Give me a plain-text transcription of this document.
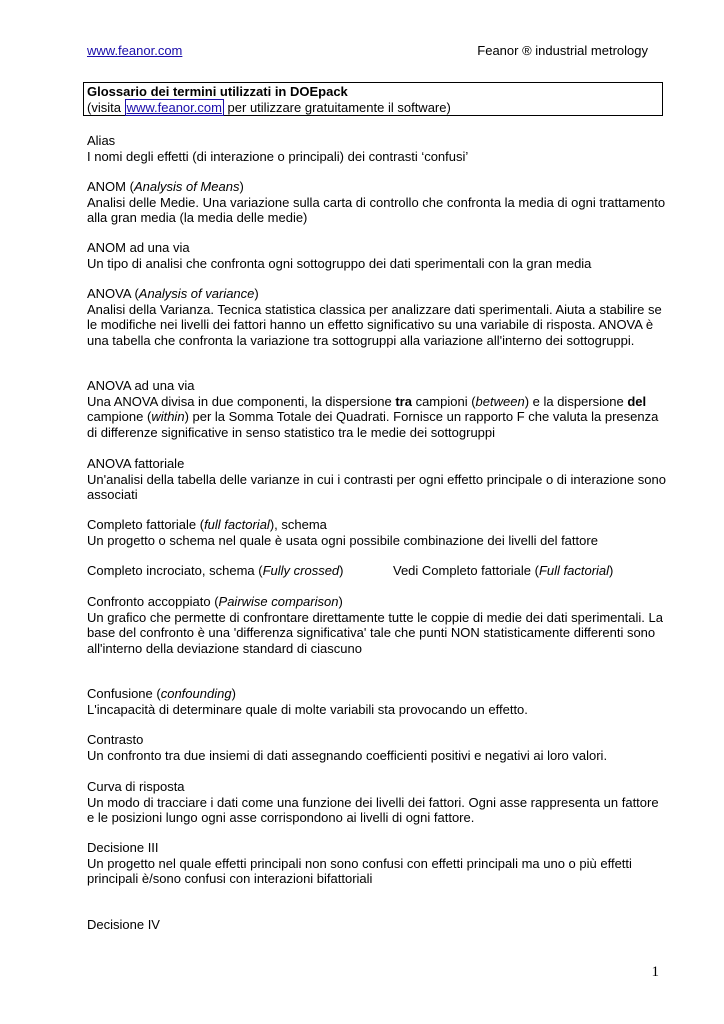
www.feanor.com	Feanor ® industrial metrology
Glossario dei termini utilizzati in DOEpack
(visita www.feanor.com per utilizzare gratuitamente il software)
Alias
I nomi degli effetti (di interazione o principali) dei contrasti ‘confusi’
ANOM (Analysis of Means)
Analisi delle Medie. Una variazione sulla carta di controllo che confronta la media di ogni trattamento alla gran media (la media delle medie)
ANOM ad una via
Un tipo di analisi che confronta ogni sottogruppo dei dati sperimentali con la gran media
ANOVA (Analysis of variance)
Analisi della Varianza. Tecnica statistica classica per analizzare dati sperimentali. Aiuta a stabilire se le modifiche nei livelli dei fattori hanno un effetto significativo su una variabile di risposta. ANOVA è una tabella che confronta la variazione tra sottogruppi alla variazione all'interno dei sottogruppi.
ANOVA ad una via
Una ANOVA divisa in due componenti, la dispersione tra campioni (between) e la dispersione del campione (within) per la Somma Totale dei Quadrati. Fornisce un rapporto F che valuta la presenza di differenze significative in senso statistico tra le medie dei sottogruppi
ANOVA fattoriale
Un'analisi della tabella delle varianze in cui i contrasti per ogni effetto principale o di interazione sono associati
Completo fattoriale (full factorial), schema
Un progetto o schema nel quale è usata ogni possibile combinazione dei livelli del fattore
Completo incrociato, schema (Fully crossed)	Vedi Completo fattoriale (Full factorial)
Confronto accoppiato (Pairwise comparison)
Un grafico che permette di confrontare direttamente tutte le coppie di medie dei dati sperimentali. La base del confronto è una 'differenza significativa' tale che punti NON statisticamente differenti sono all'interno della deviazione standard di ciascuno
Confusione (confounding)
L'incapacità di determinare quale di molte variabili sta provocando un effetto.
Contrasto
Un confronto tra due insiemi di dati assegnando coefficienti positivi e negativi ai loro valori.
Curva di risposta
Un modo di tracciare i dati come una funzione dei livelli dei fattori. Ogni asse rappresenta un fattore e le posizioni lungo ogni asse corrispondono ai livelli di ogni fattore.
Decisione III
Un progetto nel quale effetti principali non sono confusi con effetti principali ma uno o più effetti principali è/sono confusi con interazioni bifattoriali
Decisione IV
1
